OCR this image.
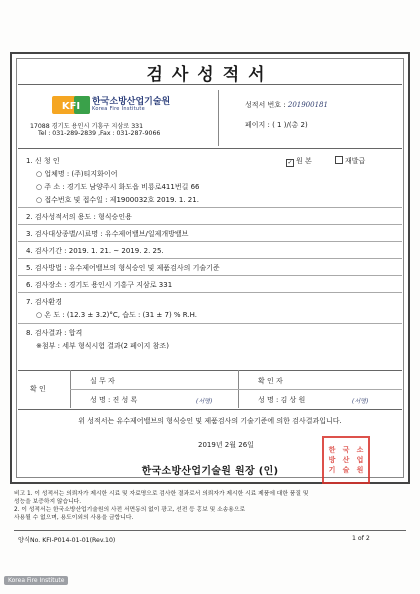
검사성적서
KFI 한국소방산업기술원
Korea Fire Institute
17088 경기도 용인시 기흥구 지삼로 331
Tel : 031-289-2839 ,Fax : 031-287-9066
성적서 번호 : 201900181
페이지 : ( 1 )/(총 2)
✓ 원 본	재발급
1. 신 청 인
○ 업체명 : (주)티지화이어
○ 주 소 : 경기도 남양주시 화도읍 비룡로411번길 66
○ 접수번호 및 접수일 : 제1900032호 2019. 1. 21.
2. 검사성적서의 용도 : 형식승인용
3. 검사대상종별/시료명 : 유수제어밸브/일제개방밸브
4. 검사기간 : 2019. 1. 21. ~ 2019. 2. 25.
5. 검사방법 : 유수제어밸브의 형식승인 및 제품검사의 기술기준
6. 검사장소 : 경기도 용인시 기흥구 지삼로 331
7. 검사환경
○ 온 도 : (12.3 ± 3.2)°C, 습도 : (31 ± 7) % R.H.
8. 검사결과 : 합격
※첨부 : 세부 형식시험 결과(2 페이지 참조)
확 인
실 무 자
성 명 : 진 성 록	(서명)
확 인 자
성 명 : 김 상 원	(서명)
위 성적서는 유수제어밸브의 형식승인 및 제품검사의 기술기준에 의한 검사결과입니다.
2019년 2월 26일
한국소방산업기술원 원장 (인)
한	국	소
방	산	업
기	술	원
비고 1. 이 성적서는 의뢰자가 제시한 시료 및 자료명으로 검사한 결과로서 의뢰자가 제시한 시료 제품에 대한 품질 및
성능을 보증하지 않습니다.
2. 이 성적서는 한국소방산업기술원의 사전 서면동의 없이 광고, 선전 등 홍보 및 소송용으로
사용될 수 없으며, 용도이외의 사용을 금합니다.
양식No. KFI-P014-01-01(Rev.10)	1 of 2
Korea Fire Institute
